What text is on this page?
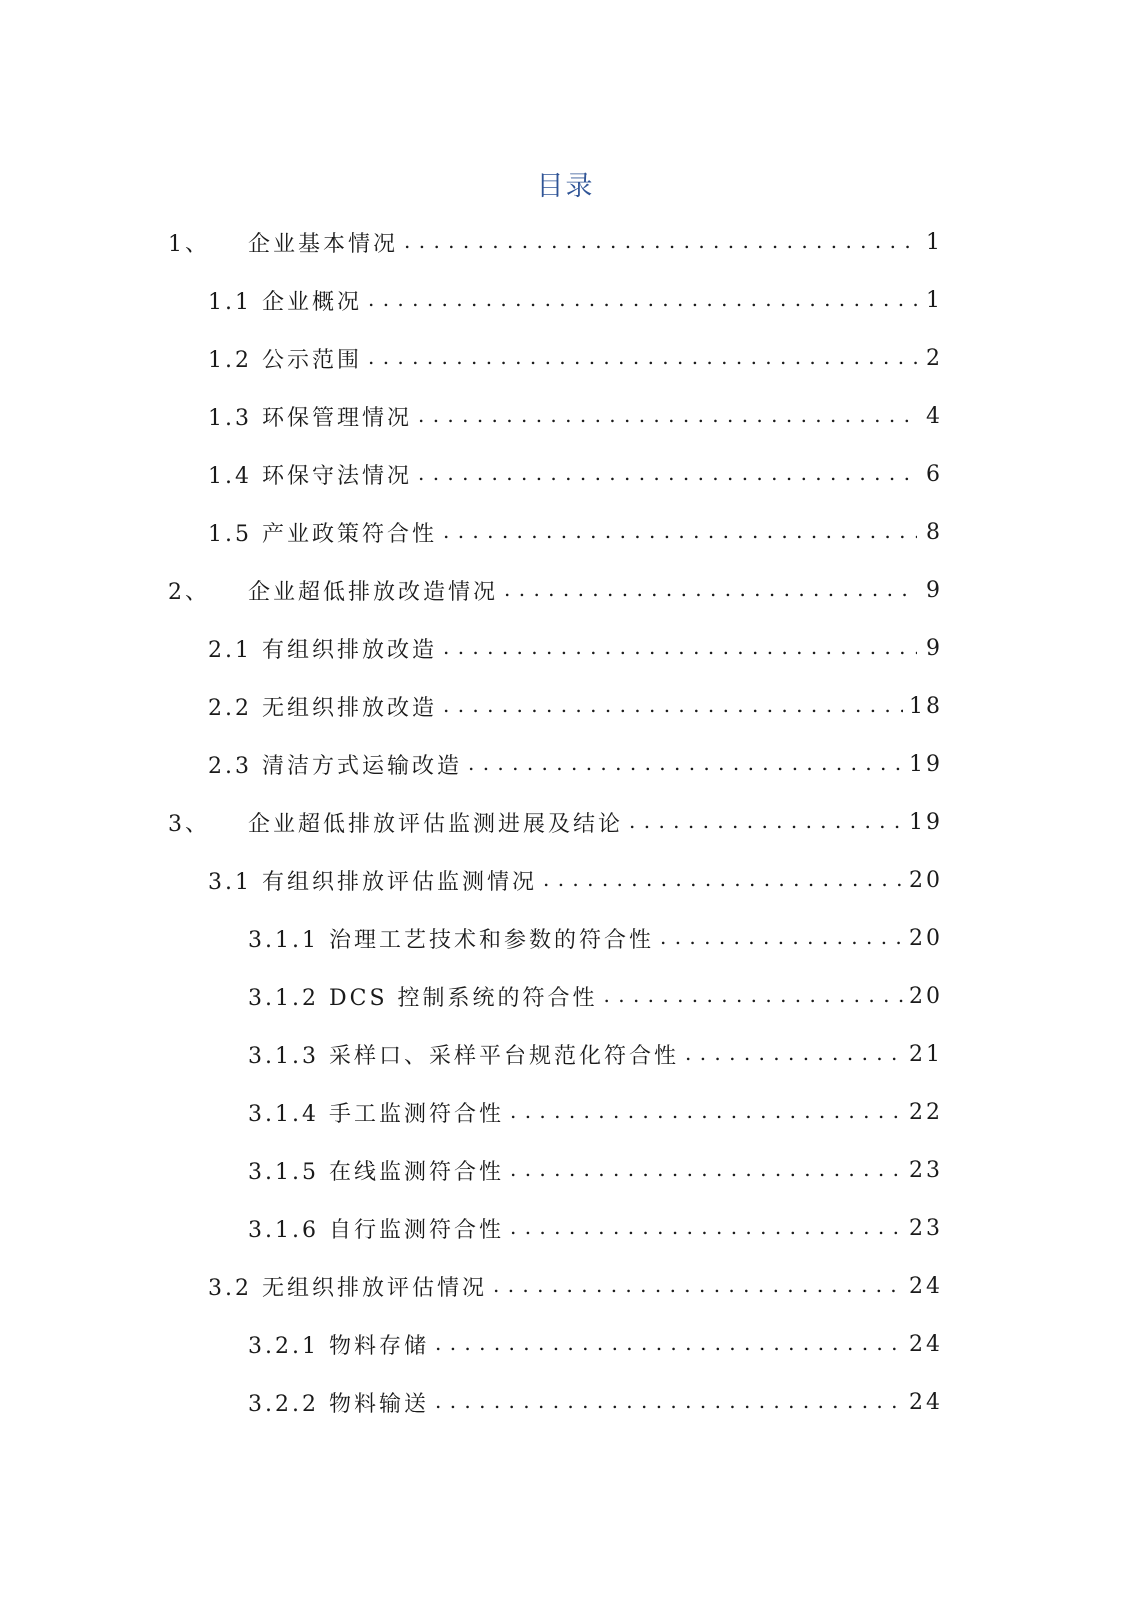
目录
1、	企业基本情况 . . .	1
1.1 企业概况 . . .	1
1.2 公示范围 . . .	2
1.3 环保管理情况 . . .	4
1.4 环保守法情况 . . .	6
1.5 产业政策符合性 . . .	8
2、	企业超低排放改造情况 . . .	9
2.1 有组织排放改造 . . .	9
2.2 无组织排放改造 . . .	18
2.3 清洁方式运输改造 . . .	19
3、	企业超低排放评估监测进展及结论 . . .	19
3.1 有组织排放评估监测情况 . . .	20
3.1.1 治理工艺技术和参数的符合性 . . .	20
3.1.2 DCS 控制系统的符合性 . . .	20
3.1.3 采样口、采样平台规范化符合性 . . .	21
3.1.4 手工监测符合性 . . .	22
3.1.5 在线监测符合性 . . .	23
3.1.6 自行监测符合性 . . .	23
3.2 无组织排放评估情况 . . .	24
3.2.1 物料存储 . . .	24
3.2.2 物料输送 . . .	24
